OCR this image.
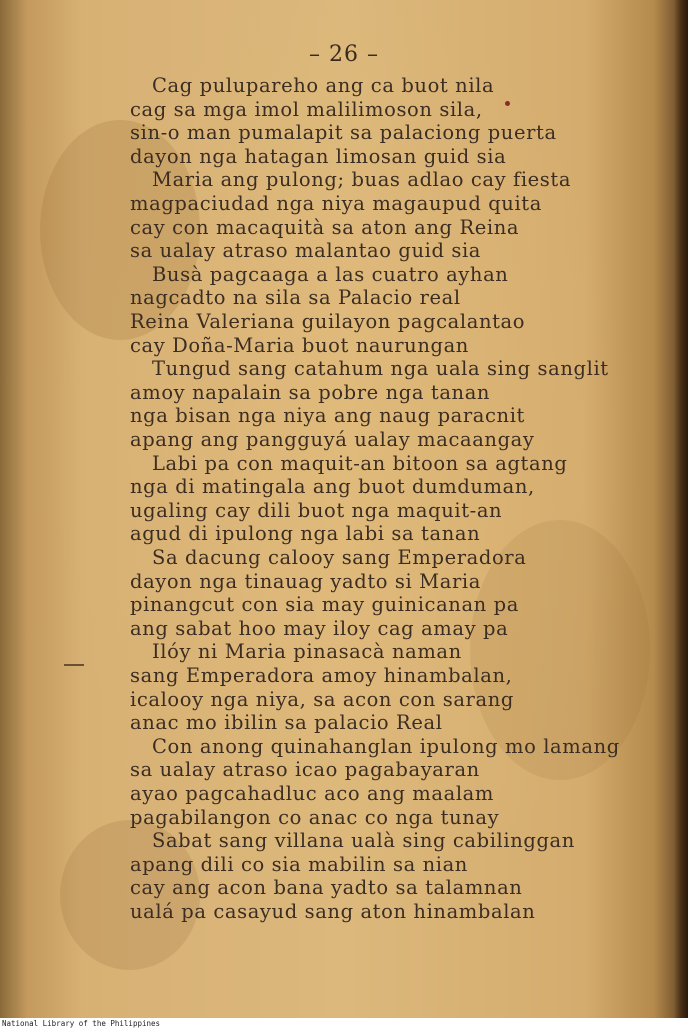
– 26 –
Cag pulupareho ang ca buot nila
cag sa mga imol malilimoson sila,
sin-o man pumalapit sa palaciong puerta
dayon nga hatagan limosan guid sia
Maria ang pulong; buas adlao cay fiesta
magpaciudad nga niya magaupud quita
cay con macaquità sa aton ang Reina
sa ualay atraso malantao guid sia
Busà pagcaaga a las cuatro ayhan
nagcadto na sila sa Palacio real
Reina Valeriana guilayon pagcalantao
cay Doña-Maria buot naurungan
Tungud sang catahum nga uala sing sanglit
amoy napalain sa pobre nga tanan
nga bisan nga niya ang naug paracnit
apang ang pangguyá ualay macaangay
Labi pa con maquit-an bitoon sa agtang
nga di matingala ang buot dumduman,
ugaling cay dili buot nga maquit-an
agud di ipulong nga labi sa tanan
Sa dacung calooy sang Emperadora
dayon nga tinauag yadto si Maria
pinangcut con sia may guinicanan pa
ang sabat hoo may iloy cag amay pa
Ilóy ni Maria pinasacà naman
sang Emperadora amoy hinambalan,
icalooy nga niya, sa acon con sarang
anac mo ibilin sa palacio Real
Con anong quinahanglan ipulong mo lamang
sa ualay atraso icao pagabayaran
ayao pagcahadluc aco ang maalam
pagabilangon co anac co nga tunay
Sabat sang villana ualà sing cabilinggan
apang dili co sia mabilin sa nian
cay ang acon bana yadto sa talamnan
ualá pa casayud sang aton hinambalan
National Library of the Philippines
